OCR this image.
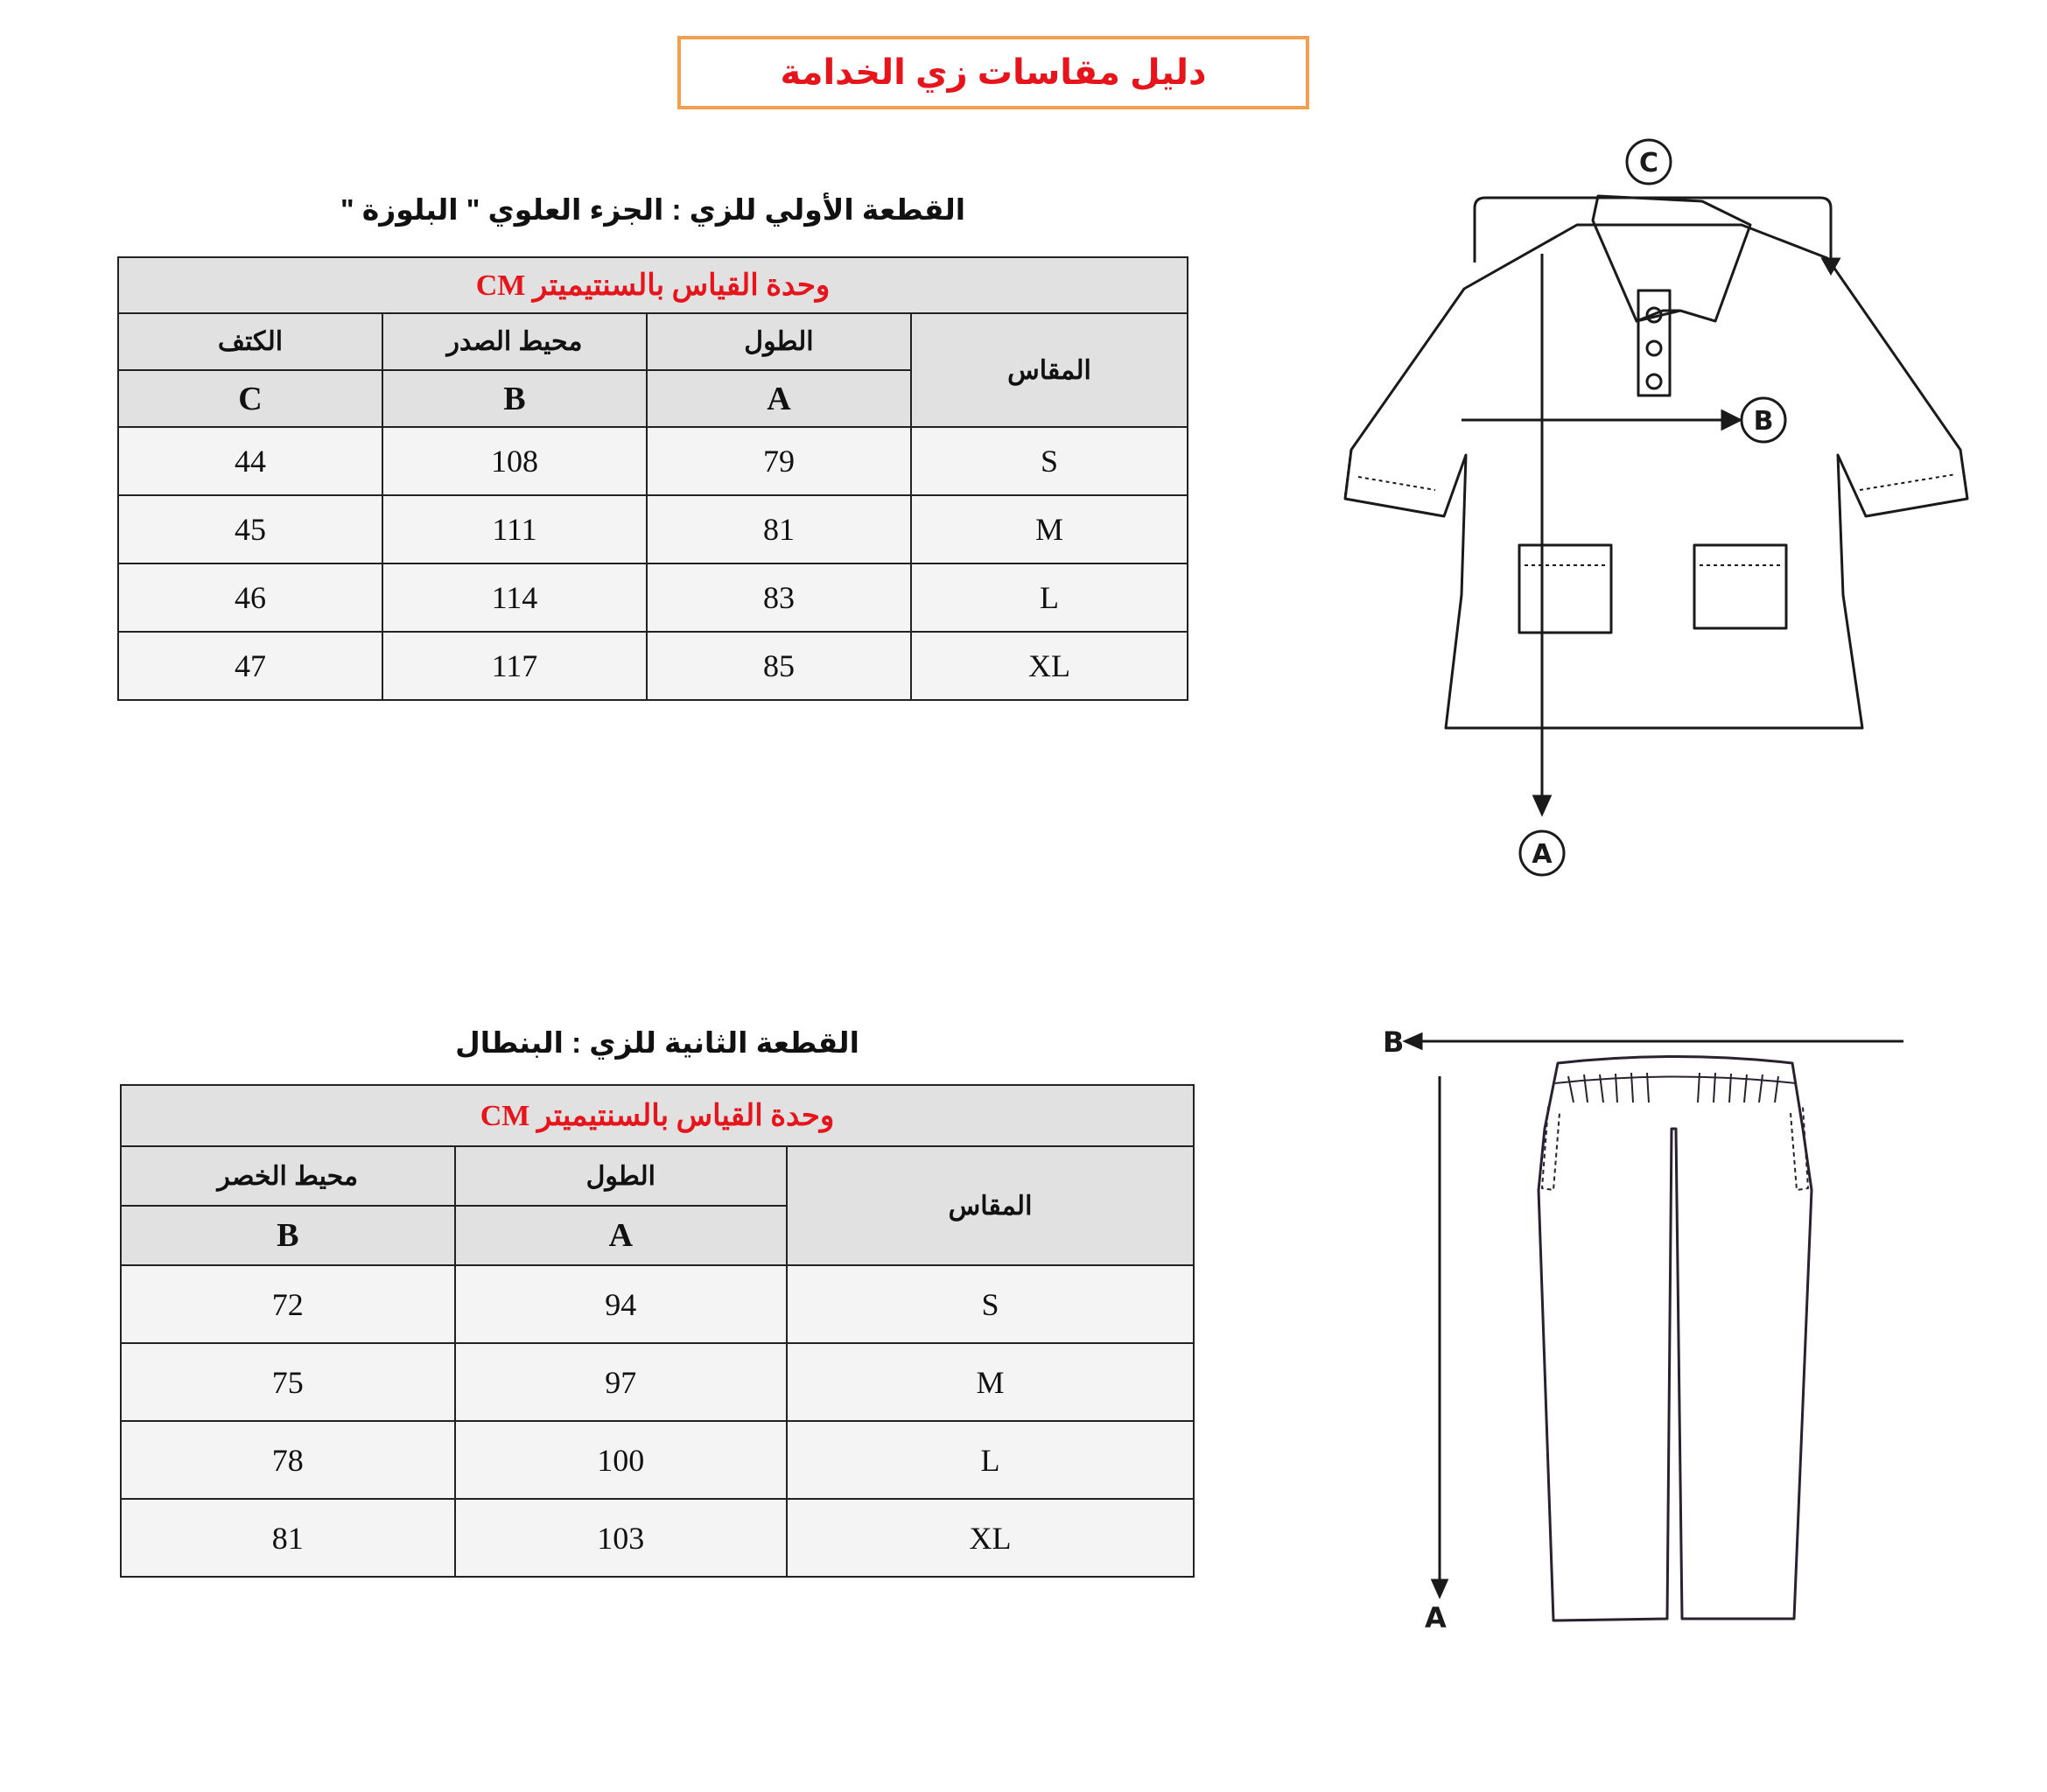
دليل مقاسات زي الخدامة
القطعة الأولي للزي : الجزء العلوي " البلوزة "
وحدة القياس بالسنتيميتر CM			
المقاس	الطول	محيط الصدر	الكتف
	A	B	C
S	79	108	44
M	81	111	45
L	83	114	46
XL	85	117	47
C
B
A
القطعة الثانية للزي : البنطال
وحدة القياس بالسنتيميتر CM		
المقاس	الطول	محيط الخصر
	A	B
S	94	72
M	97	75
L	100	78
XL	103	81
B
A
